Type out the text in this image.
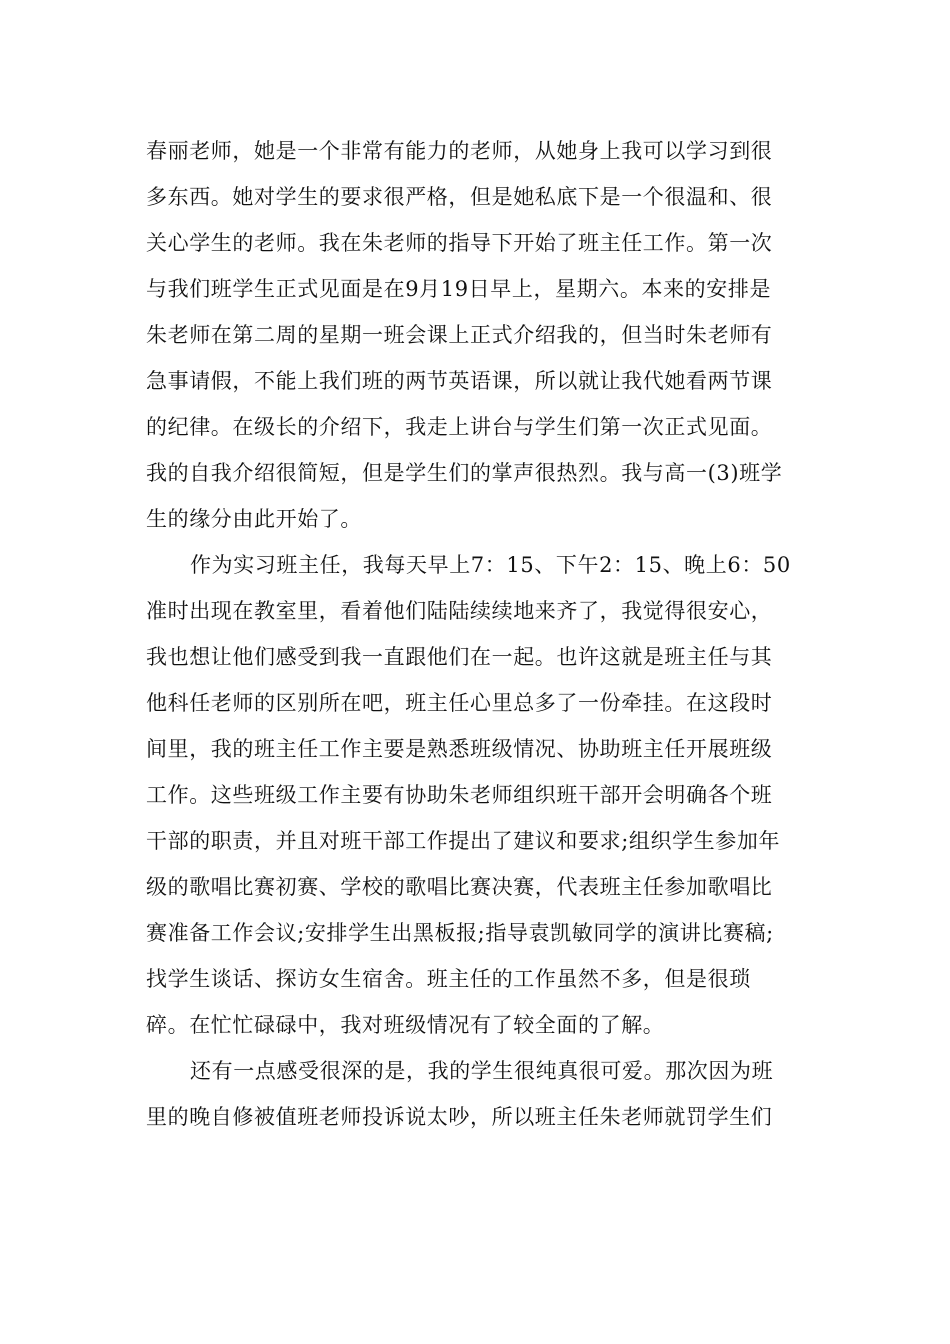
春丽老师，她是一个非常有能力的老师，从她身上我可以学习到很
多东西。她对学生的要求很严格，但是她私底下是一个很温和、很
关心学生的老师。我在朱老师的指导下开始了班主任工作。第一次
与我们班学生正式见面是在9月19日早上，星期六。本来的安排是
朱老师在第二周的星期一班会课上正式介绍我的，但当时朱老师有
急事请假，不能上我们班的两节英语课，所以就让我代她看两节课
的纪律。在级长的介绍下，我走上讲台与学生们第一次正式见面。
我的自我介绍很简短，但是学生们的掌声很热烈。我与高一(3)班学
生的缘分由此开始了。
作为实习班主任，我每天早上7：15、下午2：15、晚上6：50
准时出现在教室里，看着他们陆陆续续地来齐了，我觉得很安心，
我也想让他们感受到我一直跟他们在一起。也许这就是班主任与其
他科任老师的区别所在吧，班主任心里总多了一份牵挂。在这段时
间里，我的班主任工作主要是熟悉班级情况、协助班主任开展班级
工作。这些班级工作主要有协助朱老师组织班干部开会明确各个班
干部的职责，并且对班干部工作提出了建议和要求;组织学生参加年
级的歌唱比赛初赛、学校的歌唱比赛决赛，代表班主任参加歌唱比
赛准备工作会议;安排学生出黑板报;指导袁凯敏同学的演讲比赛稿;
找学生谈话、探访女生宿舍。班主任的工作虽然不多，但是很琐
碎。在忙忙碌碌中，我对班级情况有了较全面的了解。
还有一点感受很深的是，我的学生很纯真很可爱。那次因为班
里的晚自修被值班老师投诉说太吵，所以班主任朱老师就罚学生们
